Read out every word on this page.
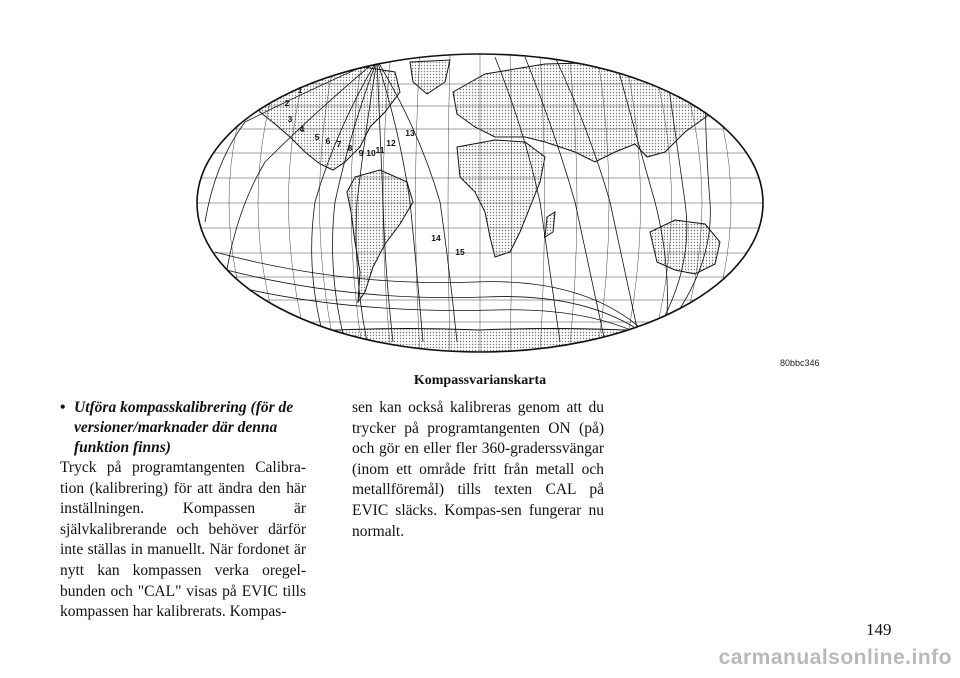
1
2
3
4
5 6 7 8 9 10 11
12
13
14
15
80bbc346
Kompassvarianskarta
• Utföra kompasskalibrering (för de versioner/marknader där denna funktion finns)

Tryck på programtangenten Calibra-tion (kalibrering) för att ändra den här inställningen. Kompassen är självkalibrerande och behöver därför inte ställas in manuellt. När fordonet är nytt kan kompassen verka oregel-bunden och "CAL" visas på EVIC tills kompassen har kalibrerats. Kompas-

sen kan också kalibreras genom att du trycker på programtangenten ON (på) och gör en eller fler 360-graderssvängar (inom ett område fritt från metall och metallföremål) tills texten CAL på EVIC släcks. Kompas-sen fungerar nu normalt.

149
carmanualsonline.info
